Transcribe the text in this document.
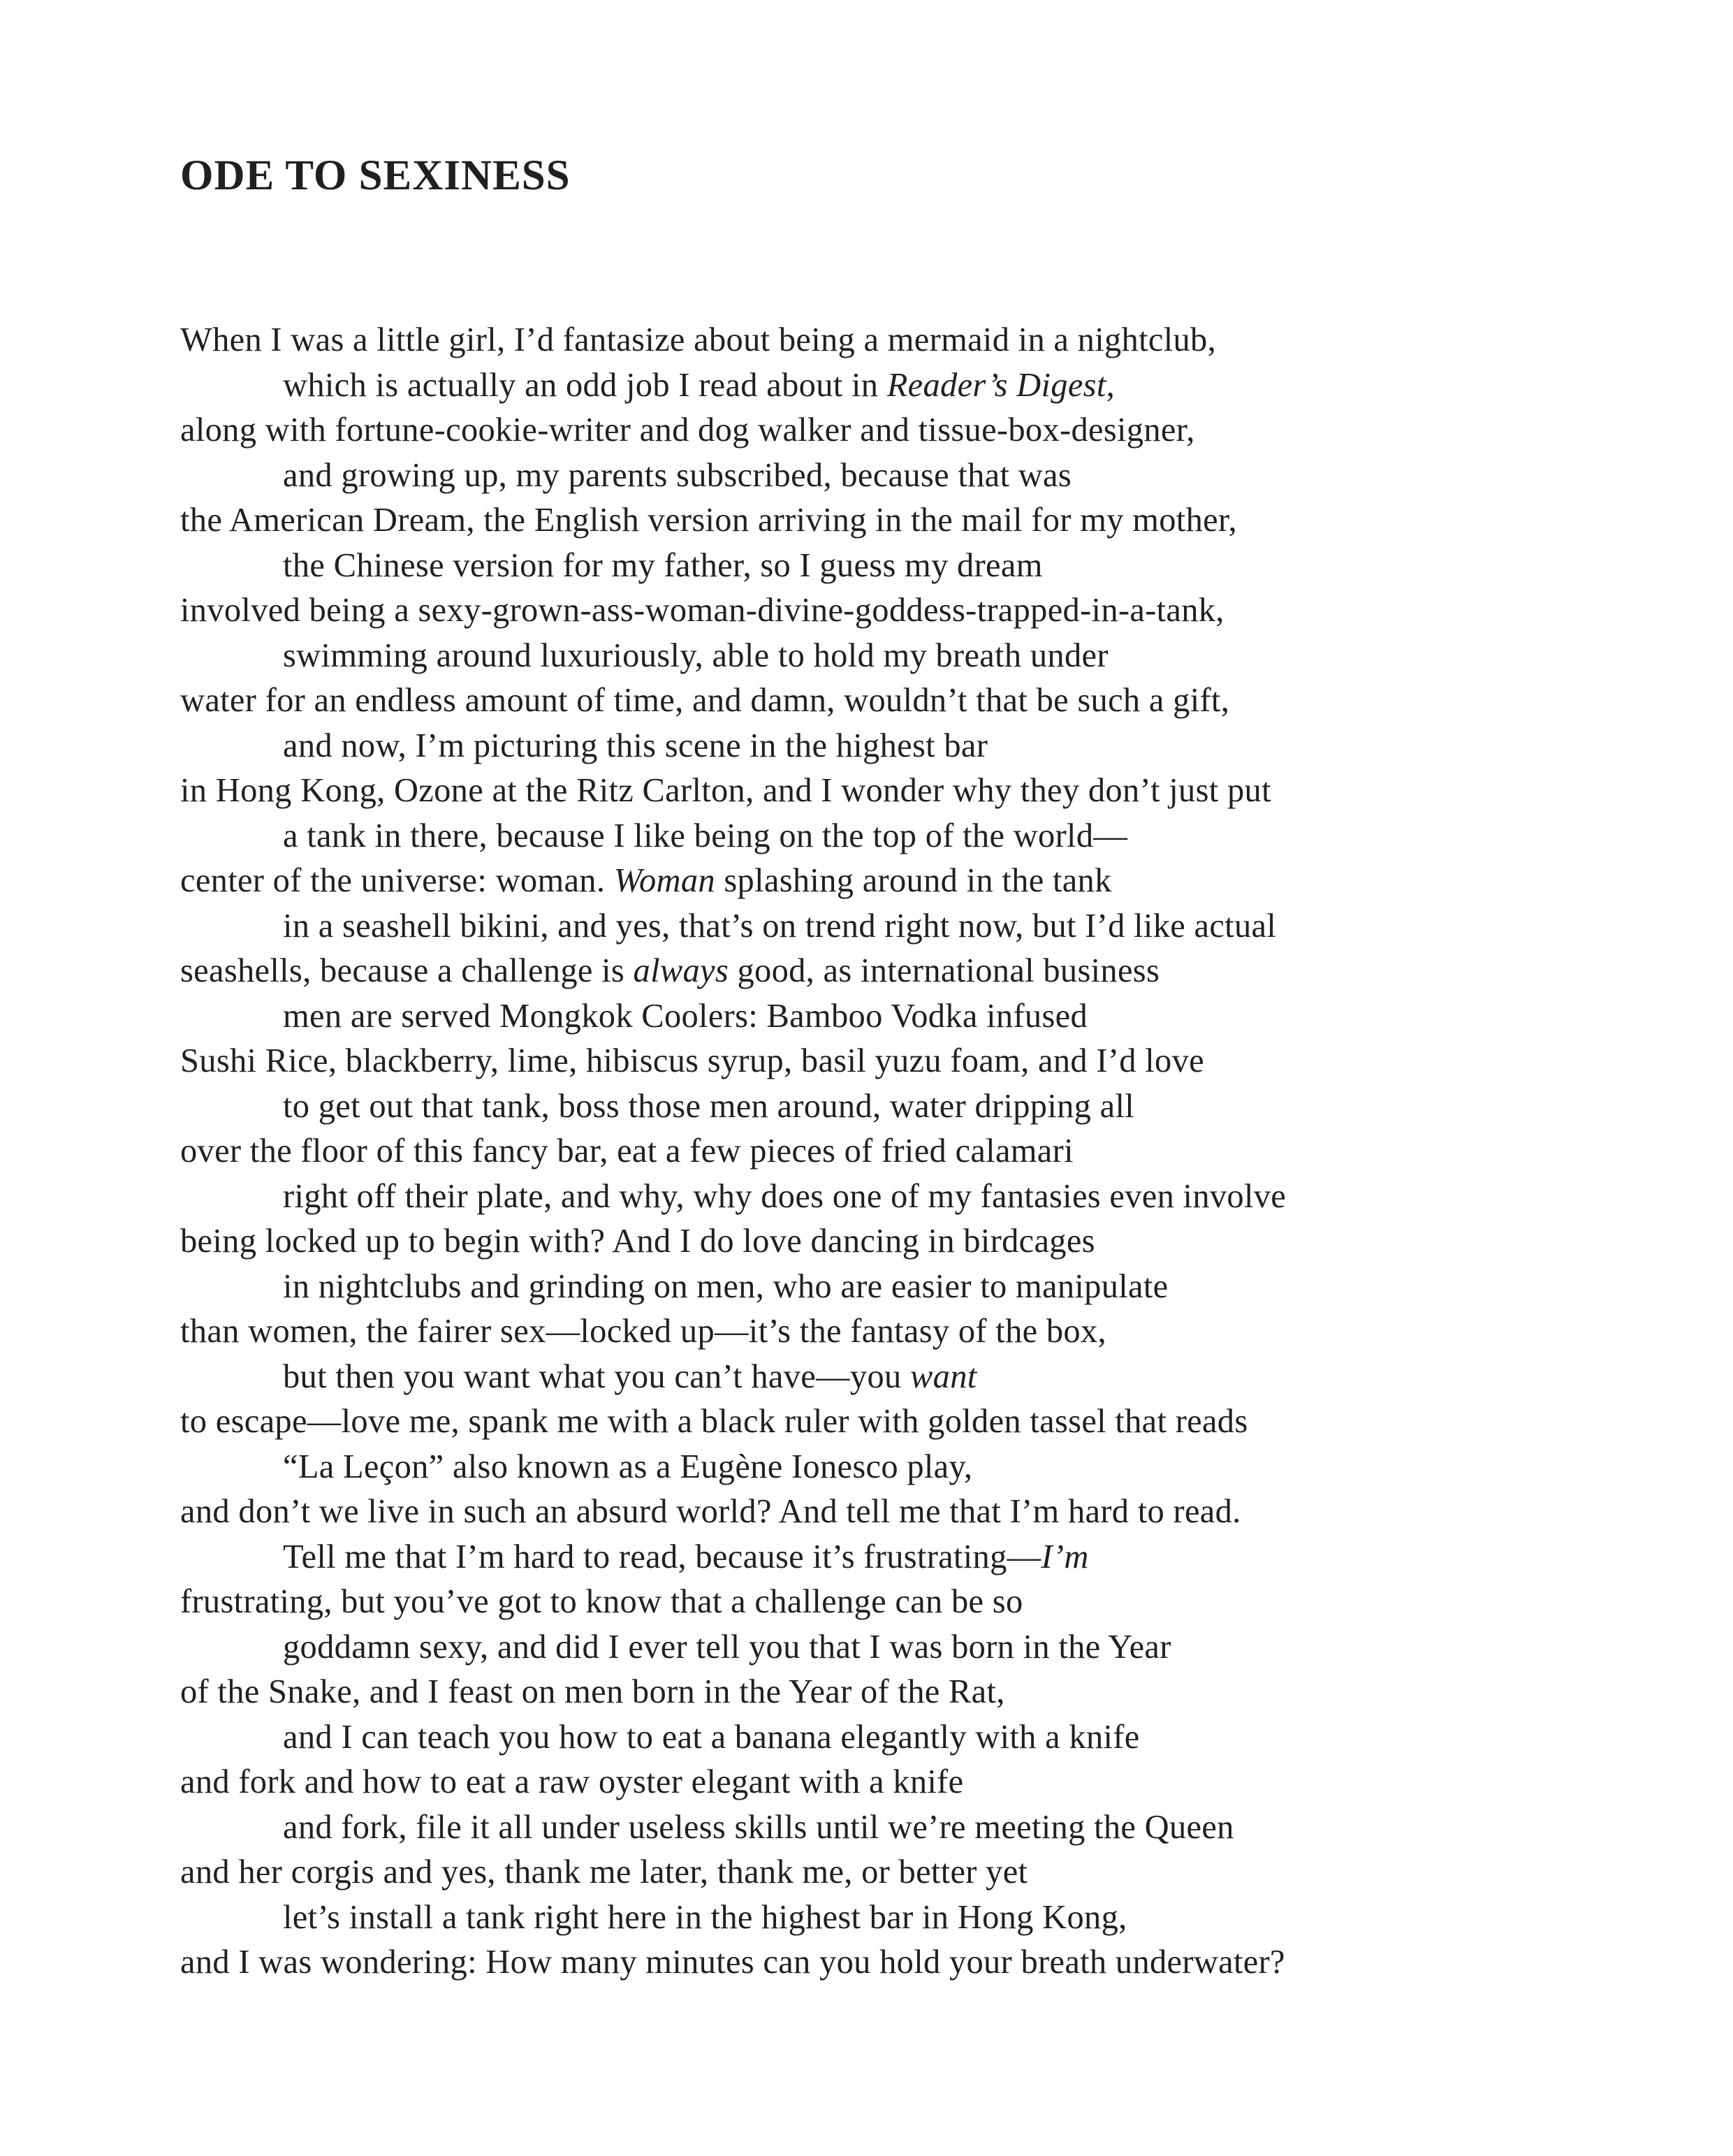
ODE TO SEXINESS
When I was a little girl, I’d fantasize about being a mermaid in a nightclub,
which is actually an odd job I read about in Reader’s Digest,
along with fortune-cookie-writer and dog walker and tissue-box-designer,
and growing up, my parents subscribed, because that was
the American Dream, the English version arriving in the mail for my mother,
the Chinese version for my father, so I guess my dream
involved being a sexy-grown-ass-woman-divine-goddess-trapped-in-a-tank,
swimming around luxuriously, able to hold my breath under
water for an endless amount of time, and damn, wouldn’t that be such a gift,
and now, I’m picturing this scene in the highest bar
in Hong Kong, Ozone at the Ritz Carlton, and I wonder why they don’t just put
a tank in there, because I like being on the top of the world—
center of the universe: woman. Woman splashing around in the tank
in a seashell bikini, and yes, that’s on trend right now, but I’d like actual
seashells, because a challenge is always good, as international business
men are served Mongkok Coolers: Bamboo Vodka infused
Sushi Rice, blackberry, lime, hibiscus syrup, basil yuzu foam, and I’d love
to get out that tank, boss those men around, water dripping all
over the floor of this fancy bar, eat a few pieces of fried calamari
right off their plate, and why, why does one of my fantasies even involve
being locked up to begin with? And I do love dancing in birdcages
in nightclubs and grinding on men, who are easier to manipulate
than women, the fairer sex—locked up—it’s the fantasy of the box,
but then you want what you can’t have—you want
to escape—love me, spank me with a black ruler with golden tassel that reads
“La Leçon” also known as a Eugène Ionesco play,
and don’t we live in such an absurd world? And tell me that I’m hard to read.
Tell me that I’m hard to read, because it’s frustrating—I’m
frustrating, but you’ve got to know that a challenge can be so
goddamn sexy, and did I ever tell you that I was born in the Year
of the Snake, and I feast on men born in the Year of the Rat,
and I can teach you how to eat a banana elegantly with a knife
and fork and how to eat a raw oyster elegant with a knife
and fork, file it all under useless skills until we’re meeting the Queen
and her corgis and yes, thank me later, thank me, or better yet
let’s install a tank right here in the highest bar in Hong Kong,
and I was wondering: How many minutes can you hold your breath underwater?
